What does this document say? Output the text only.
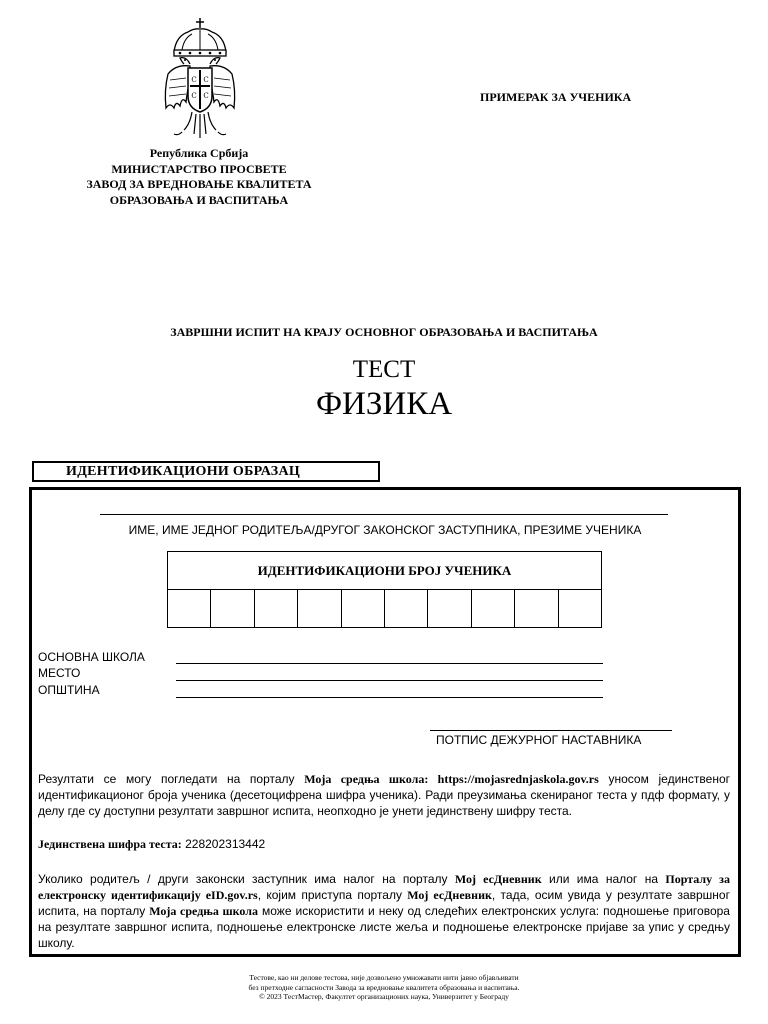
С С
С С	ПРИМЕРАК ЗА УЧЕНИКА
Република Србија
МИНИСТАРСТВО ПРОСВЕТЕ
ЗАВОД ЗА ВРЕДНОВАЊЕ КВАЛИТЕТА
ОБРАЗОВАЊА И ВАСПИТАЊА
ЗАВРШНИ ИСПИТ НА КРАЈУ ОСНОВНОГ ОБРАЗОВАЊА И ВАСПИТАЊА
ТЕСТ
ФИЗИКА
ИДЕНТИФИКАЦИОНИ ОБРАЗАЦ
ИМЕ, ИМЕ ЈЕДНОГ РОДИТЕЉА/ДРУГОГ ЗАКОНСКОГ ЗАСТУПНИКА, ПРЕЗИМЕ УЧЕНИКА
ИДЕНТИФИКАЦИОНИ БРОЈ УЧЕНИКА
ОСНОВНА ШКОЛА
МЕСТО
ОПШТИНА
ПОТПИС ДЕЖУРНОГ НАСТАВНИКА
Резултати се могу погледати на порталу Моја средња школа: https://mojasrednjaskola.gov.rs уносом јединственог идентификационог броја ученика (десетоцифрена шифра ученика). Ради преузимања скенираног теста у пдф формату, у делу где су доступни резултати завршног испита, неопходно је унети јединствену шифру теста.
Јединствена шифра теста: 228202313442
Уколико родитељ / други законски заступник има налог на порталу Мој есДневник или има налог на Порталу за електронску идентификацију eID.gov.rs, којим приступа порталу Мој есДневник, тада, осим увида у резултате завршног испита, на порталу Моја средња школа може искористити и неку од следећих електронских услуга: подношење приговора на резултате завршног испита, подношење електронске листе жеља и подношење електронске пријаве за упис у средњу школу.
Тестове, као ни делове тестова, није дозвољено умножавати нити јавно објављивати
без претходне сагласности Завода за вредновање квалитета образовања и васпитања.
© 2023 ТестМастер, Факултет организационих наука, Универзитет у Београду
